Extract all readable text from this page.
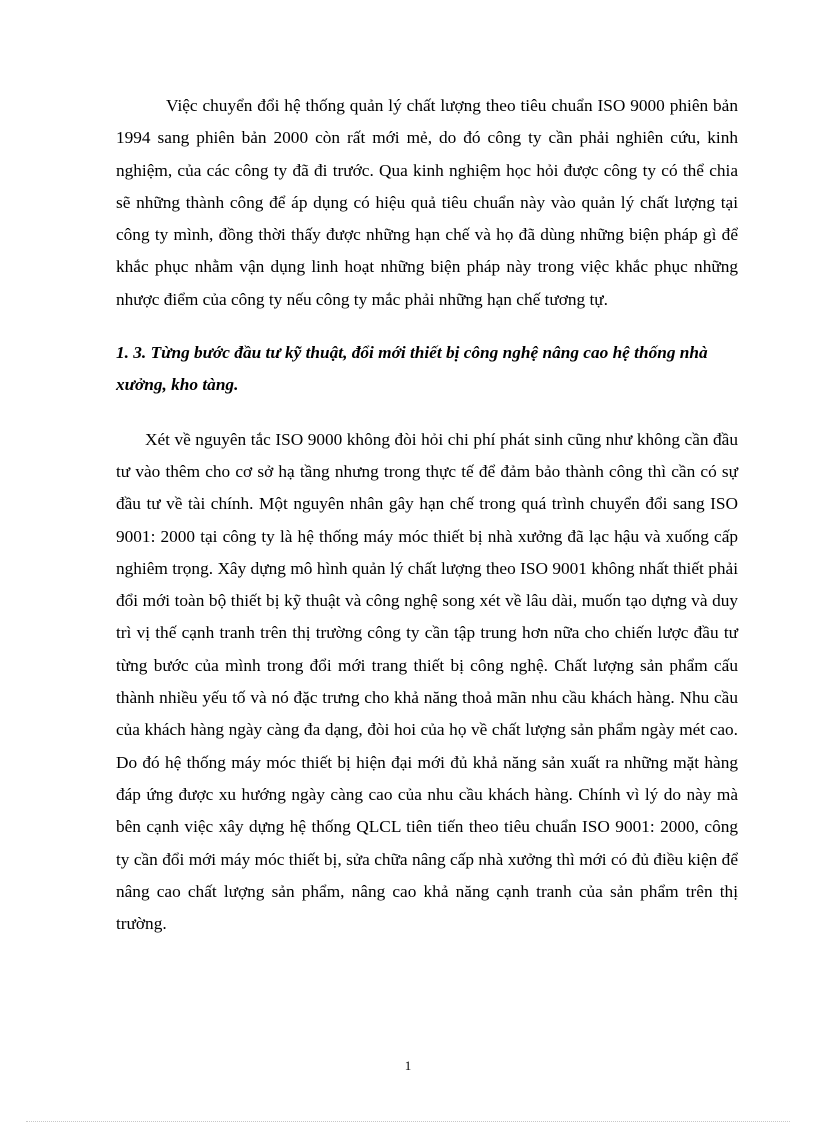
Việc chuyển đổi hệ thống quản lý chất lượng theo tiêu chuẩn ISO 9000 phiên bản 1994 sang phiên bản 2000 còn rất mới mẻ, do đó công ty cần phải nghiên cứu, kinh nghiệm, của các công ty đã đi trước. Qua kinh nghiệm học hỏi được công ty có thể chia sẽ những thành công để áp dụng có hiệu quả tiêu chuẩn này vào quản lý chất lượng tại công ty mình, đồng thời thấy được những hạn chế và họ đã dùng những biện pháp gì để khắc phục nhằm vận dụng linh hoạt những biện pháp này trong việc khắc phục những nhược điểm của công ty nếu công ty mắc phải những hạn chế tương tự.

1. 3. Từng bước đầu tư kỹ thuật, đổi mới thiết bị công nghệ nâng cao hệ thống nhà xưởng, kho tàng.

Xét về nguyên tắc ISO 9000 không đòi hỏi chi phí phát sinh cũng như không cần đầu tư vào thêm cho cơ sở hạ tầng nhưng trong thực tế để đảm bảo thành công thì cần có sự đầu tư về tài chính. Một nguyên nhân gây hạn chế trong quá trình chuyển đổi sang ISO 9001: 2000 tại công ty là hệ thống máy móc thiết bị nhà xưởng đã lạc hậu và xuống cấp nghiêm trọng. Xây dựng mô hình quản lý chất lượng theo ISO 9001 không nhất thiết phải đổi mới toàn bộ thiết bị kỹ thuật và công nghệ song xét về lâu dài, muốn tạo dựng và duy trì vị thế cạnh tranh trên thị trường công ty cần tập trung hơn nữa cho chiến lược đầu tư từng bước của mình trong đổi mới trang thiết bị công nghệ. Chất lượng sản phẩm cấu thành nhiều yếu tố và nó đặc trưng cho khả năng thoả mãn nhu cầu khách hàng. Nhu cầu của khách hàng ngày càng đa dạng, đòi hoi của họ về chất lượng sản phẩm ngày mét cao. Do đó hệ thống máy móc thiết bị hiện đại mới đủ khả năng sản xuất ra những mặt hàng đáp ứng được xu hướng ngày càng cao của nhu cầu khách hàng. Chính vì lý do này mà bên cạnh việc xây dựng hệ thống QLCL tiên tiến theo tiêu chuẩn ISO 9001: 2000, công ty cần đổi mới máy móc thiết bị, sửa chữa nâng cấp nhà xưởng thì mới có đủ điều kiện để nâng cao chất lượng sản phẩm, nâng cao khả năng cạnh tranh của sản phẩm trên thị trường.

1
